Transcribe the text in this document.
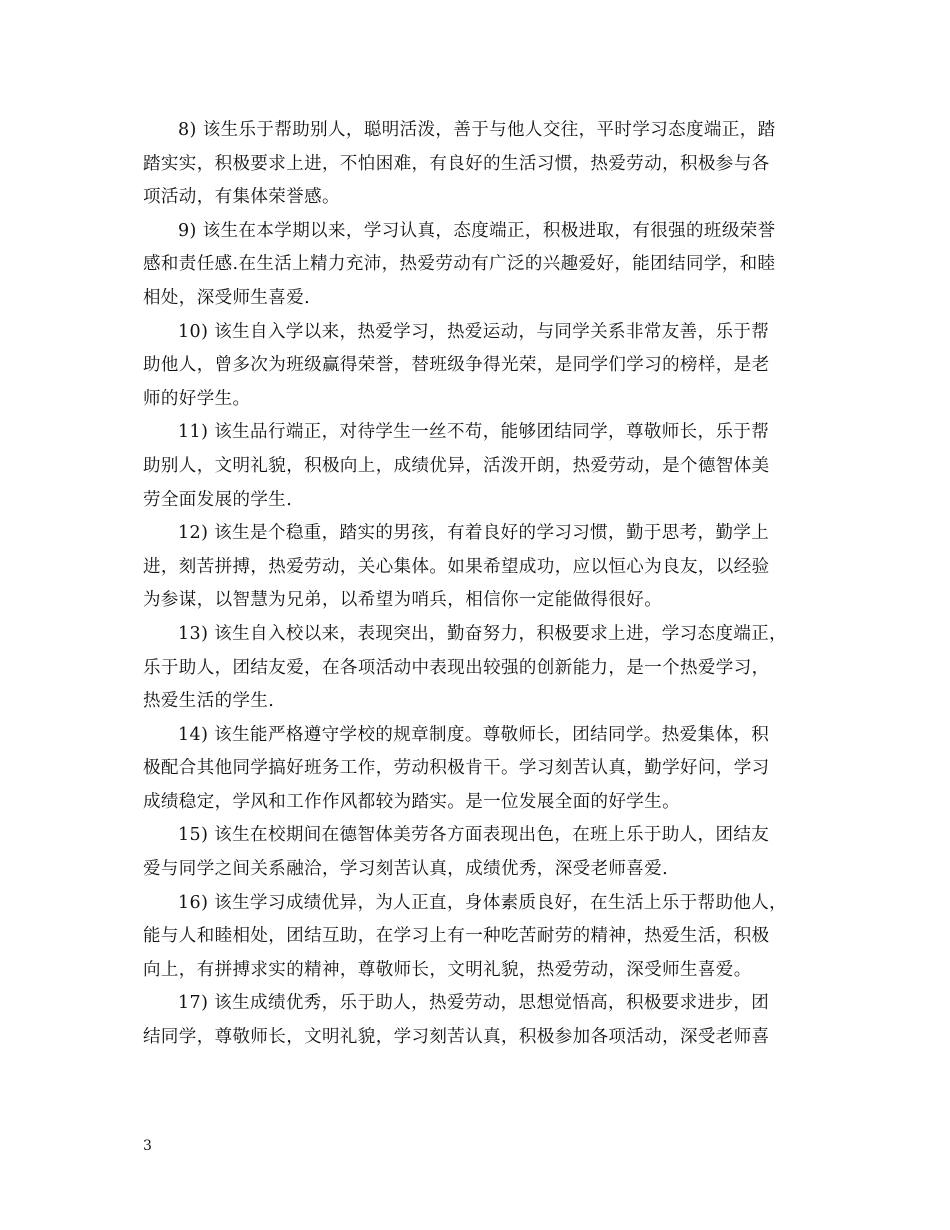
8) 该生乐于帮助别人，聪明活泼，善于与他人交往，平时学习态度端正，踏
踏实实，积极要求上进，不怕困难，有良好的生活习惯，热爱劳动，积极参与各
项活动，有集体荣誉感。
9) 该生在本学期以来，学习认真，态度端正，积极进取，有很强的班级荣誉
感和责任感.在生活上精力充沛，热爱劳动有广泛的兴趣爱好，能团结同学，和睦
相处，深受师生喜爱.
10) 该生自入学以来，热爱学习，热爱运动，与同学关系非常友善，乐于帮
助他人，曾多次为班级赢得荣誉，替班级争得光荣，是同学们学习的榜样，是老
师的好学生。
11) 该生品行端正，对待学生一丝不苟，能够团结同学，尊敬师长，乐于帮
助别人，文明礼貌，积极向上，成绩优异，活泼开朗，热爱劳动，是个德智体美
劳全面发展的学生.
12) 该生是个稳重，踏实的男孩，有着良好的学习习惯，勤于思考，勤学上
进，刻苦拼搏，热爱劳动，关心集体。如果希望成功，应以恒心为良友，以经验
为参谋，以智慧为兄弟，以希望为哨兵，相信你一定能做得很好。
13) 该生自入校以来，表现突出，勤奋努力，积极要求上进，学习态度端正，
乐于助人，团结友爱，在各项活动中表现出较强的创新能力，是一个热爱学习，
热爱生活的学生.
14) 该生能严格遵守学校的规章制度。尊敬师长，团结同学。热爱集体，积
极配合其他同学搞好班务工作，劳动积极肯干。学习刻苦认真，勤学好问，学习
成绩稳定，学风和工作作风都较为踏实。是一位发展全面的好学生。
15) 该生在校期间在德智体美劳各方面表现出色，在班上乐于助人，团结友
爱与同学之间关系融洽，学习刻苦认真，成绩优秀，深受老师喜爱.
16) 该生学习成绩优异，为人正直，身体素质良好，在生活上乐于帮助他人，
能与人和睦相处，团结互助，在学习上有一种吃苦耐劳的精神，热爱生活，积极
向上，有拼搏求实的精神，尊敬师长，文明礼貌，热爱劳动，深受师生喜爱。
17) 该生成绩优秀，乐于助人，热爱劳动，思想觉悟高，积极要求进步，团
结同学，尊敬师长，文明礼貌，学习刻苦认真，积极参加各项活动，深受老师喜
3
